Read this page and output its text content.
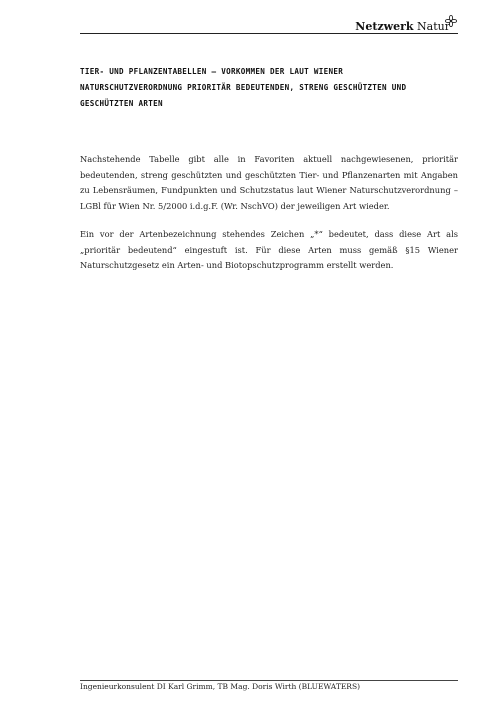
Netzwerk Natur
TIER- UND PFLANZENTABELLEN – VORKOMMEN DER LAUT WIENER NATURSCHUTZVERORDNUNG PRIORITÄR BEDEUTENDEN, STRENG GESCHÜTZTEN UND GESCHÜTZTEN ARTEN

Nachstehende Tabelle gibt alle in Favoriten aktuell nachgewiesenen, prioritär bedeutenden, streng geschützten und geschützten Tier- und Pflanzenarten mit Angaben zu Lebensräumen, Fundpunkten und Schutzstatus laut Wiener Naturschutzverordnung – LGBl für Wien Nr. 5/2000 i.d.g.F. (Wr. NschVO) der jeweiligen Art wieder.

Ein vor der Artenbezeichnung stehendes Zeichen „*“ bedeutet, dass diese Art als „prioritär bedeutend“ eingestuft ist. Für diese Arten muss gemäß §15 Wiener Naturschutzgesetz ein Arten- und Biotopschutzprogramm erstellt werden.

Ingenieurkonsulent DI Karl Grimm, TB Mag. Doris Wirth (BLUEWATERS)
